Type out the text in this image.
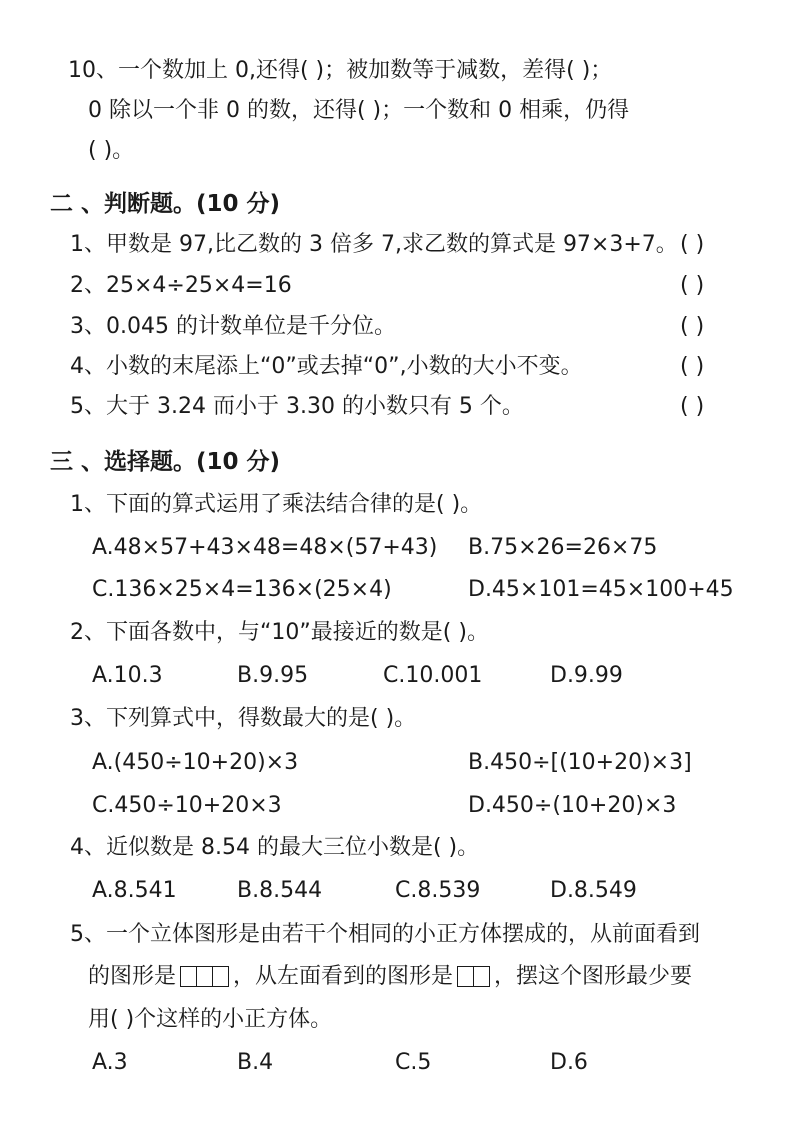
10、一个数加上 0,还得( )；被加数等于减数，差得( )；
0 除以一个非 0 的数，还得( )；一个数和 0 相乘，仍得
( )。
二 、判断题。(10 分)
1、甲数是 97,比乙数的 3 倍多 7,求乙数的算式是 97×3+7。 ( )
2、25×4÷25×4=16	( )
3、0.045 的计数单位是千分位。	( )
4、小数的末尾添上“0”或去掉“0”,小数的大小不变。	( )
5、大于 3.24 而小于 3.30 的小数只有 5 个。	( )
三 、选择题。(10 分)
1、下面的算式运用了乘法结合律的是( )。
A.48×57+43×48=48×(57+43) B.75×26=26×75
C.136×25×4=136×(25×4)	D.45×101=45×100+45
2、下面各数中，与“10”最接近的数是( )。
A.10.3	B.9.95	C.10.001	D.9.99
3、下列算式中，得数最大的是( )。
A.(450÷10+20)×3	B.450÷[(10+20)×3]
C.450÷10+20×3	D.450÷(10+20)×3
4、近似数是 8.54 的最大三位小数是( )。
A.8.541	B.8.544	C.8.539	D.8.549
5、一个立体图形是由若干个相同的小正方体摆成的，从前面看到
的图形是	，从左面看到的图形是 ，摆这个图形最少要
用( )个这样的小正方体。
A.3	B.4	C.5	D.6
